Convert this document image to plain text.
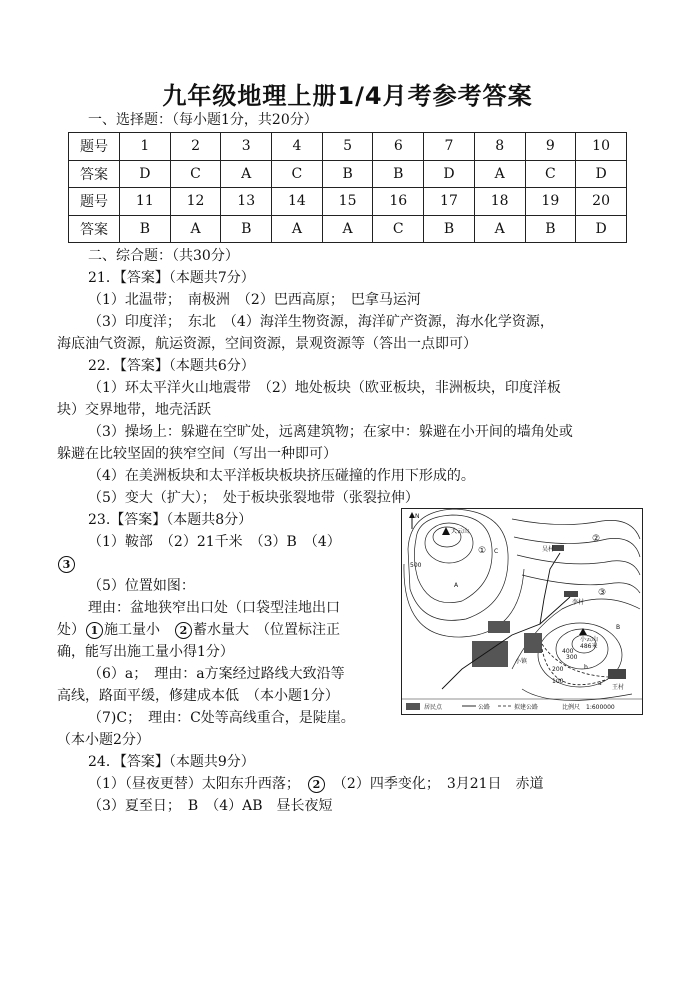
九年级地理上册1/4月考参考答案
一、选择题：（每小题1分，共20分）
题号	1	2	3	4	5	6	7	8	9	10
答案	D	C	A	C	B	B	D	A	C	D
题号	11	12	13	14	15	16	17	18	19	20
答案	B	A	B	A	A	C	B	A	B	D
二、综合题：（共30分）
21．【答案】（本题共7分）
（1）北温带；　南极洲　（2）巴西高原；　巴拿马运河
（3）印度洋；　东北　（4）海洋生物资源，海洋矿产资源，海水化学资源，
海底油气资源，航运资源，空间资源，景观资源等（答出一点即可）
22．【答案】（本题共6分）
（1）环太平洋火山地震带　（2）地处板块（欧亚板块，非洲板块，印度洋板
块）交界地带，地壳活跃
（3）操场上：躲避在空旷处，远离建筑物；在家中：躲避在小开间的墙角处或
躲避在比较坚固的狭窄空间（写出一种即可）
（4）在美洲板块和太平洋板块板块挤压碰撞的作用下形成的。
（5）变大（扩大）；　处于板块张裂地带（张裂拉伸）
23.【答案】（本题共8分）
（1）鞍部　（2）21千米　（3）B　（4）
3
（5）位置如图：
理由：盆地狭窄出口处（口袋型洼地出口
处） 1 施工量小　2 蓄水量大　（位置标注正
确，能写出施工量小得1分）
（6）a；　理由：a方案经过路线大致沿等
高线，路面平缓，修建成本低　（本小题1分）
（7)C；　理由：C处等高线重合，是陡崖。
（本小题2分）
24．【答案】（本题共9分）
（1）（昼夜更替）太阳东升西落；　2　（2）四季变化；　3月21日　赤道
（3）夏至日；　B　（4）AB　昼长夜短
N
大云山
小云山
486米
吴村
李村
王村
小镇
A
B
C
a
b
500
400
300
200
100
①
②
③
居民点	公路	拟建公路	比例尺　1:600000
